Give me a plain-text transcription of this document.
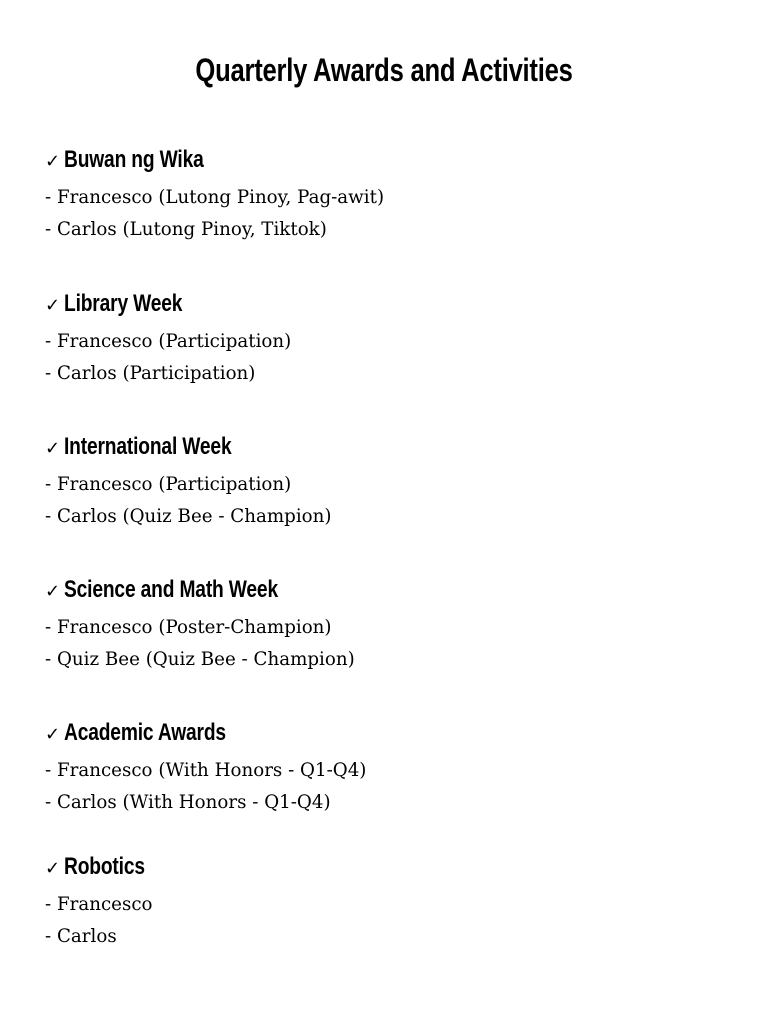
Quarterly Awards and Activities
✓ Buwan ng Wika
- Francesco (Lutong Pinoy, Pag-awit)
- Carlos (Lutong Pinoy, Tiktok)
✓ Library Week
- Francesco (Participation)
- Carlos (Participation)
✓ International Week
- Francesco (Participation)
- Carlos (Quiz Bee - Champion)
✓ Science and Math Week
- Francesco (Poster-Champion)
- Quiz Bee (Quiz Bee - Champion)
✓ Academic Awards
- Francesco (With Honors - Q1-Q4)
- Carlos (With Honors - Q1-Q4)
✓ Robotics
- Francesco
- Carlos
